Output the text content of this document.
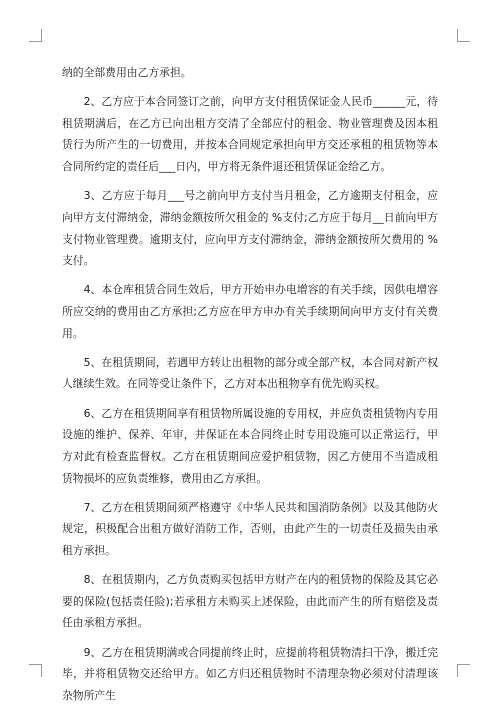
纳的全部费用由乙方承担。

2、乙方应于本合同签订之前，向甲方支付租赁保证金人民币______元，待租赁期满后，在乙方已向出租方交清了全部应付的租金、物业管理费及因本租赁行为所产生的一切费用，并按本合同规定承担向甲方交还承租的租赁物等本合同所约定的责任后___日内，甲方将无条件退还租赁保证金给乙方。

3、乙方应于每月___号之前向甲方支付当月租金，乙方逾期支付租金，应向甲方支付滞纳金，滞纳金额按所欠租金的 %支付;乙方应于每月__日前向甲方支付物业管理费。逾期支付，应向甲方支付滞纳金，滞纳金额按所欠费用的 %支付。

4、本仓库租赁合同生效后，甲方开始申办电增容的有关手续，因供电增容所应交纳的费用由乙方承担;乙方应在甲方申办有关手续期间向甲方支付有关费用。

5、在租赁期间，若遇甲方转让出租物的部分或全部产权，本合同对新产权人继续生效。在同等受让条件下，乙方对本出租物享有优先购买权。

6、乙方在租赁期间享有租赁物所属设施的专用权，并应负责租赁物内专用设施的维护、保养、年审，并保证在本合同终止时专用设施可以正常运行，甲方对此有检查监督权。乙方在租赁期间应爱护租赁物，因乙方使用不当造成租赁物损坏的应负责维修，费用由乙方承担。

7、乙方在租赁期间须严格遵守《中华人民共和国消防条例》以及其他防火规定，积极配合出租方做好消防工作，否则，由此产生的一切责任及损失由承租方承担。

8、在租赁期内，乙方负责购买包括甲方财产在内的租赁物的保险及其它必要的保险(包括责任险);若承租方未购买上述保险，由此而产生的所有赔偿及责任由承租方承担。

9、乙方在租赁期满或合同提前终止时，应提前将租赁物清扫干净，搬迁完毕，并将租赁物交还给甲方。如乙方归还租赁物时不清理杂物必须对付清理该杂物所产生
